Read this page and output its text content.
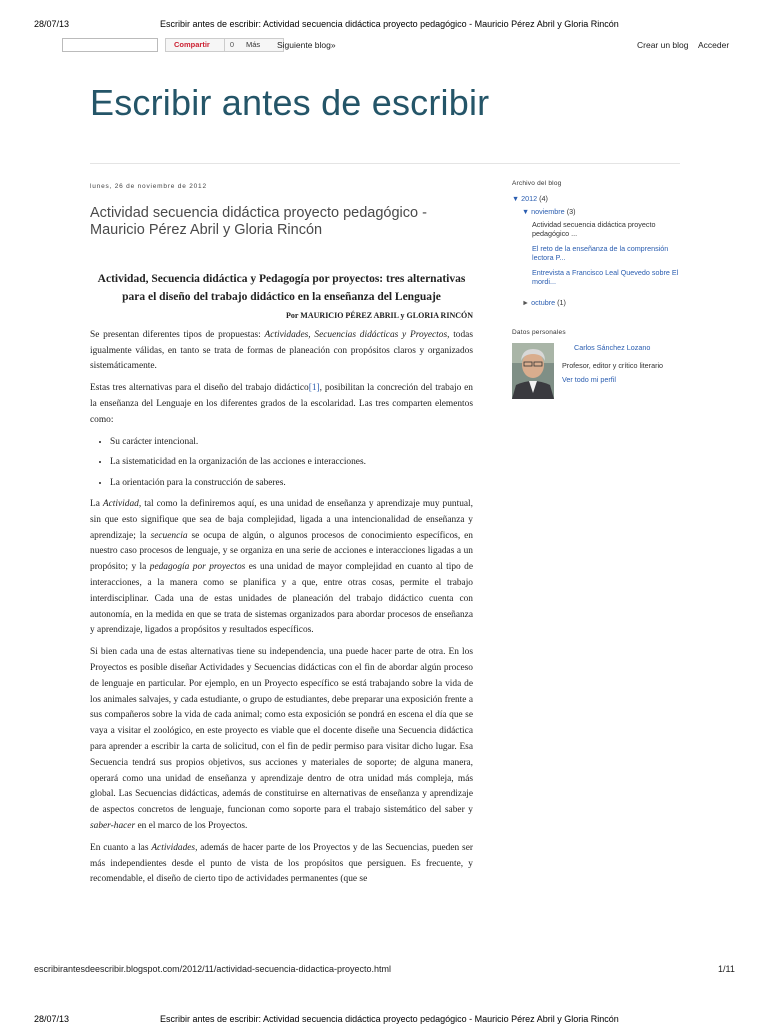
28/07/13	Escribir antes de escribir: Actividad secuencia didáctica proyecto pedagógico - Mauricio Pérez Abril y Gloria Rincón
Compartir	0	Más Siguiente blog»	Crear un blog Acceder
Escribir antes de escribir
lunes, 26 de noviembre de 2012
Actividad secuencia didáctica proyecto pedagógico - Mauricio Pérez Abril y Gloria Rincón

Actividad, Secuencia didáctica y Pedagogía por proyectos: tres alternativas para el diseño del trabajo didáctico en la enseñanza del Lenguaje

Por MAURICIO PÉREZ ABRIL y GLORIA RINCÓN

Se presentan diferentes tipos de propuestas: Actividades, Secuencias didácticas y Proyectos, todas igualmente válidas, en tanto se trata de formas de planeación con propósitos claros y organizados sistemáticamente.

Estas tres alternativas para el diseño del trabajo didáctico[1], posibilitan la concreción del trabajo en la enseñanza del Lenguaje en los diferentes grados de la escolaridad. Las tres comparten elementos como:

• Su carácter intencional.
• La sistematicidad en la organización de las acciones e interacciones.
• La orientación para la construcción de saberes.

La Actividad, tal como la definiremos aquí, es una unidad de enseñanza y aprendizaje muy puntual, sin que esto signifique que sea de baja complejidad, ligada a una intencionalidad de enseñanza y aprendizaje; la secuencia se ocupa de algún, o algunos procesos de conocimiento específicos, en nuestro caso procesos de lenguaje, y se organiza en una serie de acciones e interacciones ligadas a un propósito; y la pedagogía por proyectos es una unidad de mayor complejidad en cuanto al tipo de interacciones, a la manera como se planifica y a que, entre otras cosas, permite el trabajo interdisciplinar. Cada una de estas unidades de planeación del trabajo didáctico cuenta con autonomía, en la medida en que se trata de sistemas organizados para abordar procesos de enseñanza y aprendizaje, ligados a propósitos y resultados específicos.

Si bien cada una de estas alternativas tiene su independencia, una puede hacer parte de otra. En los Proyectos es posible diseñar Actividades y Secuencias didácticas con el fin de abordar algún proceso de lenguaje en particular. Por ejemplo, en un Proyecto específico se está trabajando sobre la vida de los animales salvajes, y cada estudiante, o grupo de estudiantes, debe preparar una exposición frente a sus compañeros sobre la vida de cada animal; como esta exposición se pondrá en escena el día que se vaya a visitar el zoológico, en este proyecto es viable que el docente diseñe una Secuencia didáctica para aprender a escribir la carta de solicitud, con el fin de pedir permiso para visitar dicho lugar. Esa Secuencia tendrá sus propios objetivos, sus acciones y materiales de soporte; de alguna manera, operará como una unidad de enseñanza y aprendizaje dentro de otra unidad más compleja, más global. Las Secuencias didácticas, además de constituirse en alternativas de enseñanza y aprendizaje de aspectos concretos de lenguaje, funcionan como soporte para el trabajo sistemático del saber y saber-hacer en el marco de los Proyectos.

En cuanto a las Actividades, además de hacer parte de los Proyectos y de las Secuencias, pueden ser más independientes desde el punto de vista de los propósitos que persiguen. Es frecuente, y recomendable, el diseño de cierto tipo de actividades permanentes (que se

Archivo del blog
▼ 2012 (4)
▼ noviembre (3)
Actividad secuencia didáctica proyecto pedagógico ...
El reto de la enseñanza de la comprensión lectora P...
Entrevista a Francisco Leal Quevedo sobre El mordi...
► octubre (1)
Datos personales
Carlos Sánchez Lozano
Profesor, editor y crítico literario
Ver todo mi perfil
escribirantesdeescribir.blogspot.com/2012/11/actividad-secuencia-didactica-proyecto.html	1/11
28/07/13	Escribir antes de escribir: Actividad secuencia didáctica proyecto pedagógico - Mauricio Pérez Abril y Gloria Rincón
